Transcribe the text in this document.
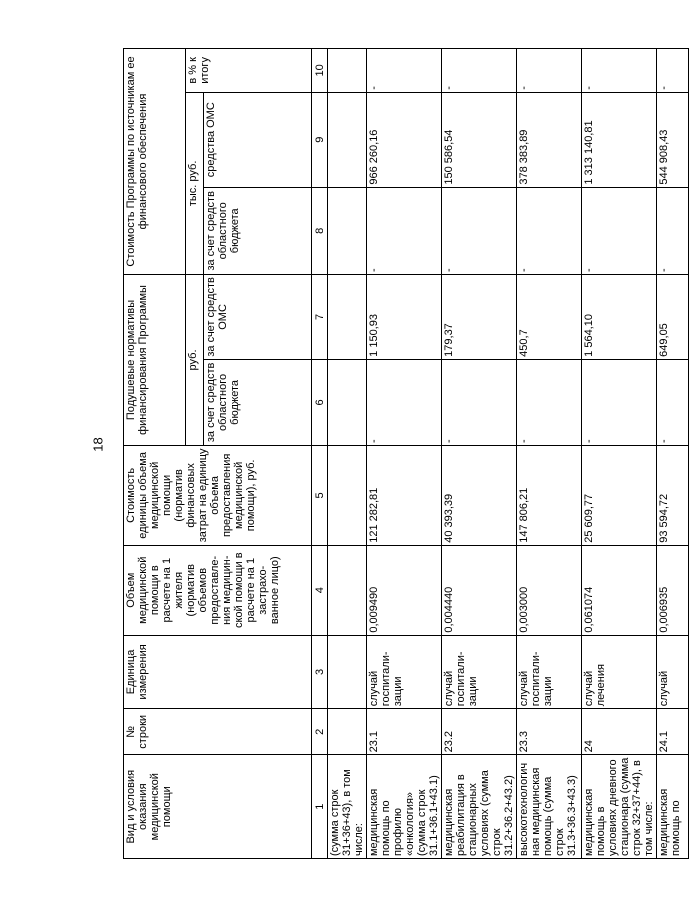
18
Вид и условия оказания медицинской помощи	№ строки	Единица измерения	Объем медицинской помощи в расчете на 1 жителя (норматив объемов предоставле-ния медицин-ской помощи в расчете на 1 застрахо-ванное лицо)	Стоимость единицы объема медицинской помощи (норматив финансовых затрат на единицу объема предоставления медицинской помощи), руб.	Подушевые нормативы финансирования Программы		Стоимость Программы по источникам ее финансового обеспечения		
					руб.		тыс. руб.		в % к итогу
					за счет средств областного бюджета	за счет средств ОМС	за счет средств областного бюджета	средства ОМС	
1	2	3	4	5	6	7	8	9	10
(сумма строк 31+36+43), в том числе:									
медицинская помощь по профилю «онкология» (сумма строк 31.1+36.1+43.1)	23.1	случай госпитали-зации	0,009490	121 282,81	-	1 150,93	-	966 260,16	-
медицинская реабилитация в стационарных условиях (сумма строк 31.2+36.2+43.2)	23.2	случай госпитали-зации	0,004440	40 393,39	-	179,37	-	150 586,54	-
высокотехнологичная медицинская помощь (сумма строк 31.3+36.3+43.3)	23.3	случай госпитали-зации	0,003000	147 806,21	-	450,7	-	378 383,89	-
медицинская помощь в условиях дневного стационара (сумма строк 32+37+44), в том числе:	24	случай лечения	0,061074	25 609,77	-	1 564,10	-	1 313 140,81	-
медицинская помощь по	24.1	случай	0,006935	93 594,72	-	649,05	-	544 908,43	-
